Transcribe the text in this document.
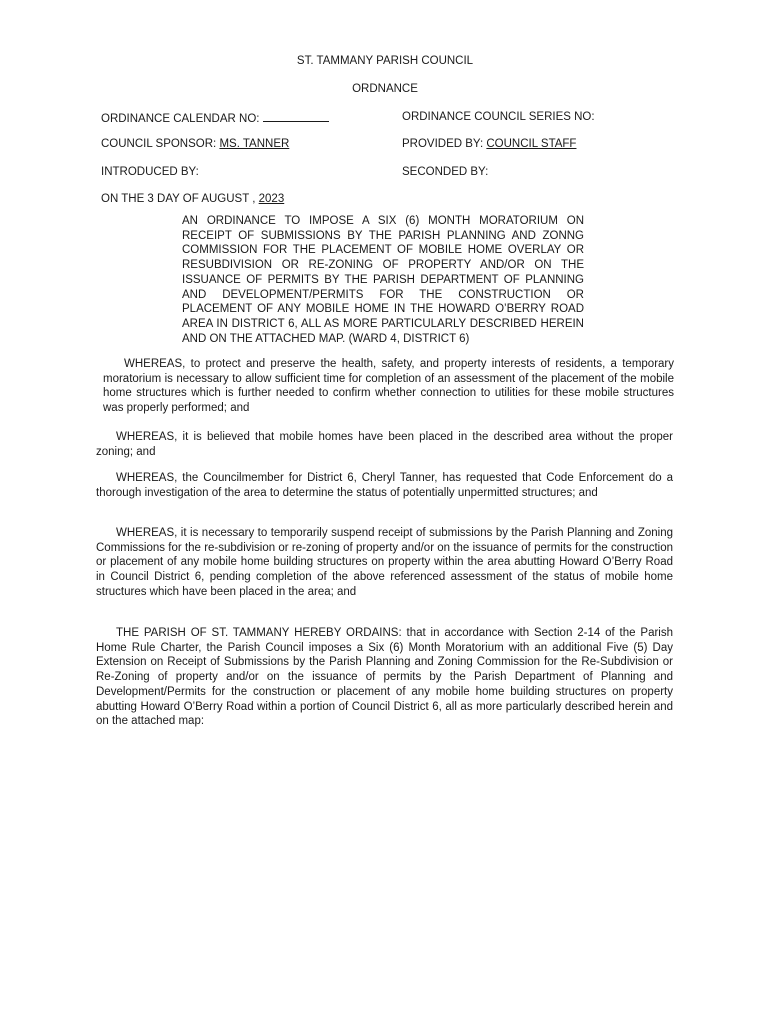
ST. TAMMANY PARISH COUNCIL

ORDNANCE

ORDINANCE CALENDAR NO:	ORDINANCE COUNCIL SERIES NO:
COUNCIL SPONSOR: MS. TANNER	PROVIDED BY: COUNCIL STAFF
INTRODUCED BY:	SECONDED BY:
ON THE 3 DAY OF AUGUST , 2023

AN ORDINANCE TO IMPOSE A SIX (6) MONTH MORATORIUM ON RECEIPT OF SUBMISSIONS BY THE PARISH PLANNING AND ZONNG COMMISSION FOR THE PLACEMENT OF MOBILE HOME OVERLAY OR RESUBDIVISION OR RE-ZONING OF PROPERTY AND/OR ON THE ISSUANCE OF PERMITS BY THE PARISH DEPARTMENT OF PLANNING AND DEVELOPMENT/PERMITS FOR THE CONSTRUCTION OR PLACEMENT OF ANY MOBILE HOME IN THE HOWARD O’BERRY ROAD AREA IN DISTRICT 6, ALL AS MORE PARTICULARLY DESCRIBED HEREIN AND ON THE ATTACHED MAP. (WARD 4, DISTRICT 6)

WHEREAS, to protect and preserve the health, safety, and property interests of residents, a temporary moratorium is necessary to allow sufficient time for completion of an assessment of the placement of the mobile home structures which is further needed to confirm whether connection to utilities for these mobile structures was properly performed; and

WHEREAS, it is believed that mobile homes have been placed in the described area without the proper zoning; and

WHEREAS, the Councilmember for District 6, Cheryl Tanner, has requested that Code Enforcement do a thorough investigation of the area to determine the status of potentially unpermitted structures; and

WHEREAS, it is necessary to temporarily suspend receipt of submissions by the Parish Planning and Zoning Commissions for the re-subdivision or re-zoning of property and/or on the issuance of permits for the construction or placement of any mobile home building structures on property within the area abutting Howard O’Berry Road in Council District 6, pending completion of the above referenced assessment of the status of mobile home structures which have been placed in the area; and

THE PARISH OF ST. TAMMANY HEREBY ORDAINS: that in accordance with Section 2-14 of the Parish Home Rule Charter, the Parish Council imposes a Six (6) Month Moratorium with an additional Five (5) Day Extension on Receipt of Submissions by the Parish Planning and Zoning Commission for the Re-Subdivision or Re-Zoning of property and/or on the issuance of permits by the Parish Department of Planning and Development/Permits for the construction or placement of any mobile home building structures on property abutting Howard O’Berry Road within a portion of Council District 6, all as more particularly described herein and on the attached map:
